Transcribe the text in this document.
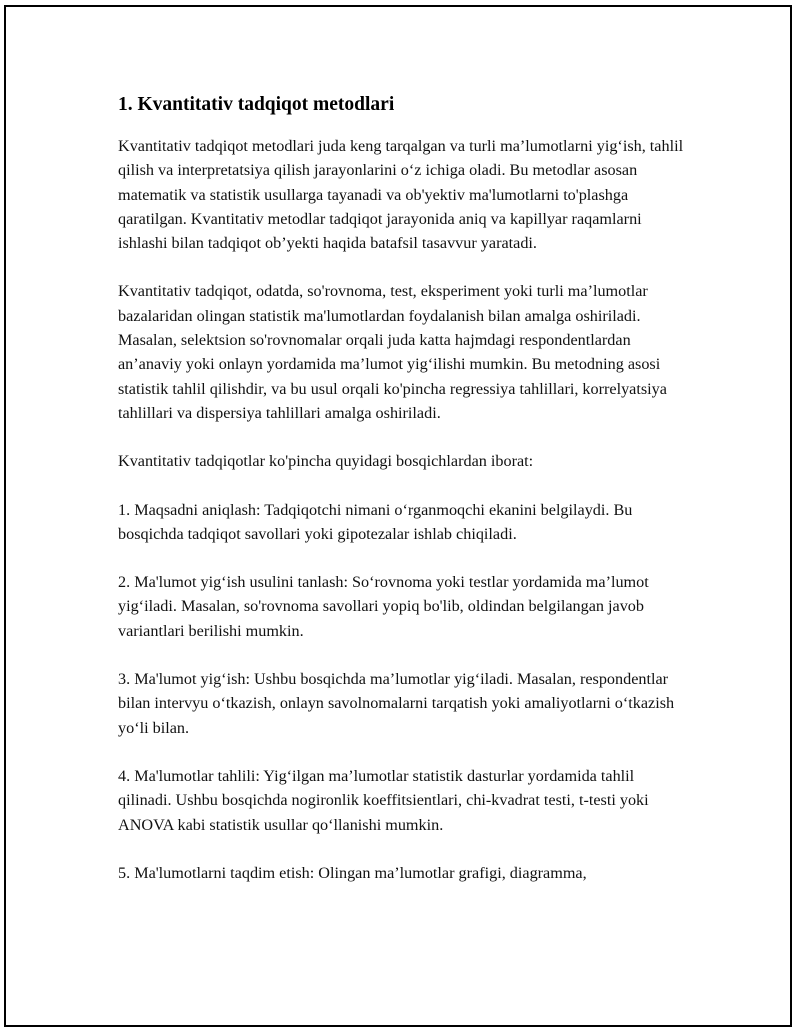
1. Kvantitativ tadqiqot metodlari

Kvantitativ tadqiqot metodlari juda keng tarqalgan va turli ma’lumotlarni yig‘ish, tahlil qilish va interpretatsiya qilish jarayonlarini o‘z ichiga oladi. Bu metodlar asosan matematik va statistik usullarga tayanadi va ob'yektiv ma'lumotlarni to'plashga qaratilgan. Kvantitativ metodlar tadqiqot jarayonida aniq va kapillyar raqamlarni ishlashi bilan tadqiqot ob’yekti haqida batafsil tasavvur yaratadi.

Kvantitativ tadqiqot, odatda, so'rovnoma, test, eksperiment yoki turli ma’lumotlar bazalaridan olingan statistik ma'lumotlardan foydalanish bilan amalga oshiriladi. Masalan, selektsion so'rovnomalar orqali juda katta hajmdagi respondentlardan an’anaviy yoki onlayn yordamida ma’lumot yig‘ilishi mumkin. Bu metodning asosi statistik tahlil qilishdir, va bu usul orqali ko'pincha regressiya tahlillari, korrelyatsiya tahlillari va dispersiya tahlillari amalga oshiriladi.

Kvantitativ tadqiqotlar ko'pincha quyidagi bosqichlardan iborat:

1. Maqsadni aniqlash: Tadqiqotchi nimani o‘rganmoqchi ekanini belgilaydi. Bu bosqichda tadqiqot savollari yoki gipotezalar ishlab chiqiladi.

2. Ma'lumot yig‘ish usulini tanlash: So‘rovnoma yoki testlar yordamida ma’lumot yig‘iladi. Masalan, so'rovnoma savollari yopiq bo'lib, oldindan belgilangan javob variantlari berilishi mumkin.

3. Ma'lumot yig‘ish: Ushbu bosqichda ma’lumotlar yig‘iladi. Masalan, respondentlar bilan intervyu o‘tkazish, onlayn savolnomalarni tarqatish yoki amaliyotlarni o‘tkazish yo‘li bilan.

4. Ma'lumotlar tahlili: Yig‘ilgan ma’lumotlar statistik dasturlar yordamida tahlil qilinadi. Ushbu bosqichda nogironlik koeffitsientlari, chi-kvadrat testi, t-testi yoki ANOVA kabi statistik usullar qo‘llanishi mumkin.

5. Ma'lumotlarni taqdim etish: Olingan ma’lumotlar grafigi, diagramma,
